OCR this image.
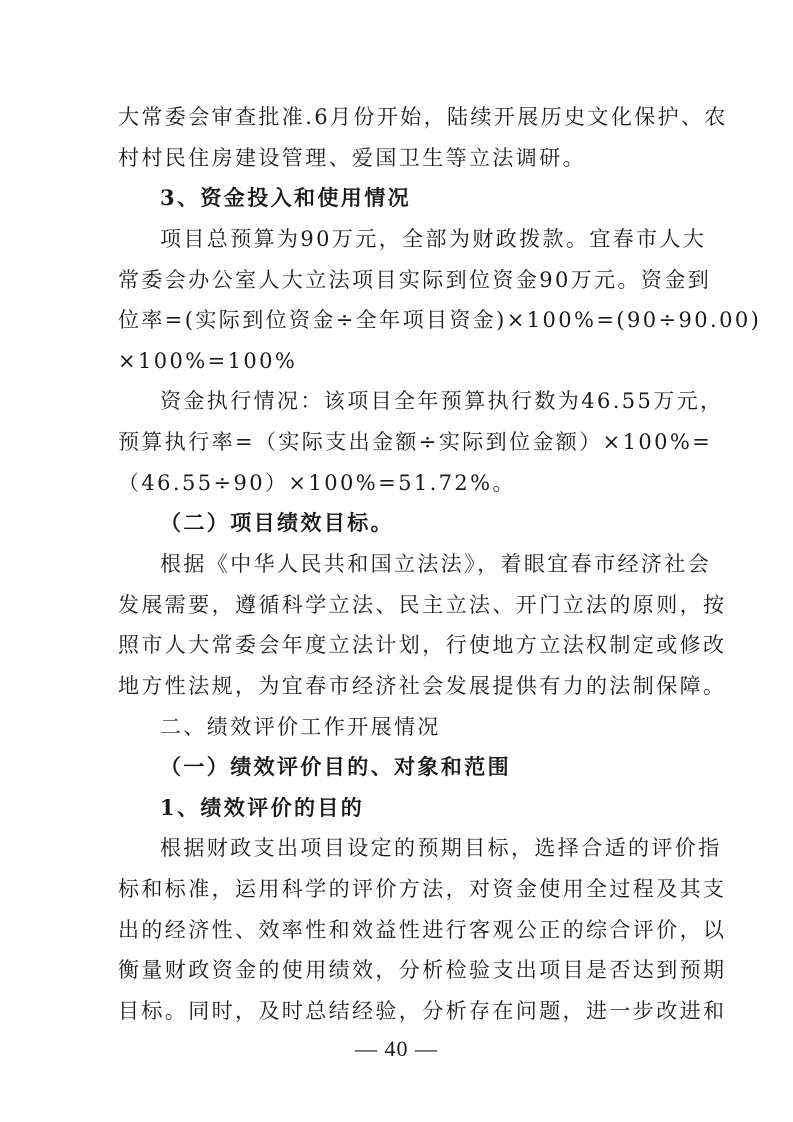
大常委会审查批准.6月份开始，陆续开展历史文化保护、农
村村民住房建设管理、爱国卫生等立法调研。
3、资金投入和使用情况
项目总预算为90万元，全部为财政拨款。宜春市人大
常委会办公室人大立法项目实际到位资金90万元。资金到
位率=(实际到位资金÷全年项目资金)×100%=(90÷90.00)
×100%=100%
资金执行情况：该项目全年预算执行数为46.55万元，
预算执行率=（实际支出金额÷实际到位金额）×100%=
（46.55÷90）×100%=51.72%。
（二）项目绩效目标。
根据《中华人民共和国立法法》，着眼宜春市经济社会
发展需要，遵循科学立法、民主立法、开门立法的原则，按
照市人大常委会年度立法计划，行使地方立法权制定或修改
地方性法规，为宜春市经济社会发展提供有力的法制保障。
二、绩效评价工作开展情况
（一）绩效评价目的、对象和范围
1、绩效评价的目的
根据财政支出项目设定的预期目标，选择合适的评价指
标和标准，运用科学的评价方法，对资金使用全过程及其支
出的经济性、效率性和效益性进行客观公正的综合评价，以
— 40 —
衡量财政资金的使用绩效，分析检验支出项目是否达到预期
目标。同时，及时总结经验，分析存在问题，进一步改进和
